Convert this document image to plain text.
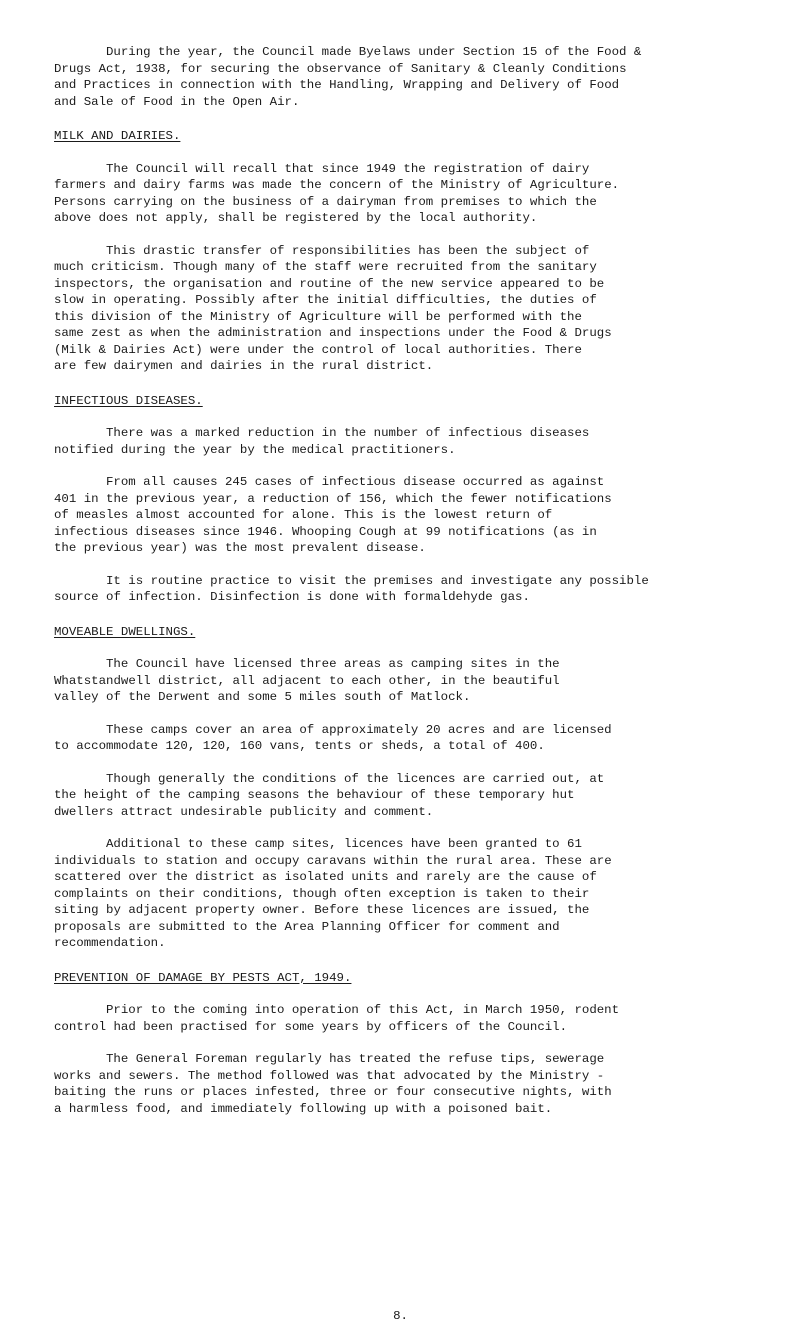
During the year, the Council made Byelaws under Section 15 of the Food &
Drugs Act, 1938, for securing the observance of Sanitary & Cleanly Conditions
and Practices in connection with the Handling, Wrapping and Delivery of Food
and Sale of Food in the Open Air.

MILK AND DAIRIES.

The Council will recall that since 1949 the registration of dairy
farmers and dairy farms was made the concern of the Ministry of Agriculture.
Persons carrying on the business of a dairyman from premises to which the
above does not apply, shall be registered by the local authority.

This drastic transfer of responsibilities has been the subject of
much criticism. Though many of the staff were recruited from the sanitary
inspectors, the organisation and routine of the new service appeared to be
slow in operating. Possibly after the initial difficulties, the duties of
this division of the Ministry of Agriculture will be performed with the
same zest as when the administration and inspections under the Food & Drugs
(Milk & Dairies Act) were under the control of local authorities. There
are few dairymen and dairies in the rural district.

INFECTIOUS DISEASES.

There was a marked reduction in the number of infectious diseases
notified during the year by the medical practitioners.

From all causes 245 cases of infectious disease occurred as against
401 in the previous year, a reduction of 156, which the fewer notifications
of measles almost accounted for alone. This is the lowest return of
infectious diseases since 1946. Whooping Cough at 99 notifications (as in
the previous year) was the most prevalent disease.

It is routine practice to visit the premises and investigate any possible
source of infection. Disinfection is done with formaldehyde gas.

MOVEABLE DWELLINGS.

The Council have licensed three areas as camping sites in the
Whatstandwell district, all adjacent to each other, in the beautiful
valley of the Derwent and some 5 miles south of Matlock.

These camps cover an area of approximately 20 acres and are licensed
to accommodate 120, 120, 160 vans, tents or sheds, a total of 400.

Though generally the conditions of the licences are carried out, at
the height of the camping seasons the behaviour of these temporary hut
dwellers attract undesirable publicity and comment.

Additional to these camp sites, licences have been granted to 61
individuals to station and occupy caravans within the rural area. These are
scattered over the district as isolated units and rarely are the cause of
complaints on their conditions, though often exception is taken to their
siting by adjacent property owner. Before these licences are issued, the
proposals are submitted to the Area Planning Officer for comment and
recommendation.

PREVENTION OF DAMAGE BY PESTS ACT, 1949.

Prior to the coming into operation of this Act, in March 1950, rodent
control had been practised for some years by officers of the Council.

The General Foreman regularly has treated the refuse tips, sewerage
works and sewers. The method followed was that advocated by the Ministry -
baiting the runs or places infested, three or four consecutive nights, with
a harmless food, and immediately following up with a poisoned bait.

8.
